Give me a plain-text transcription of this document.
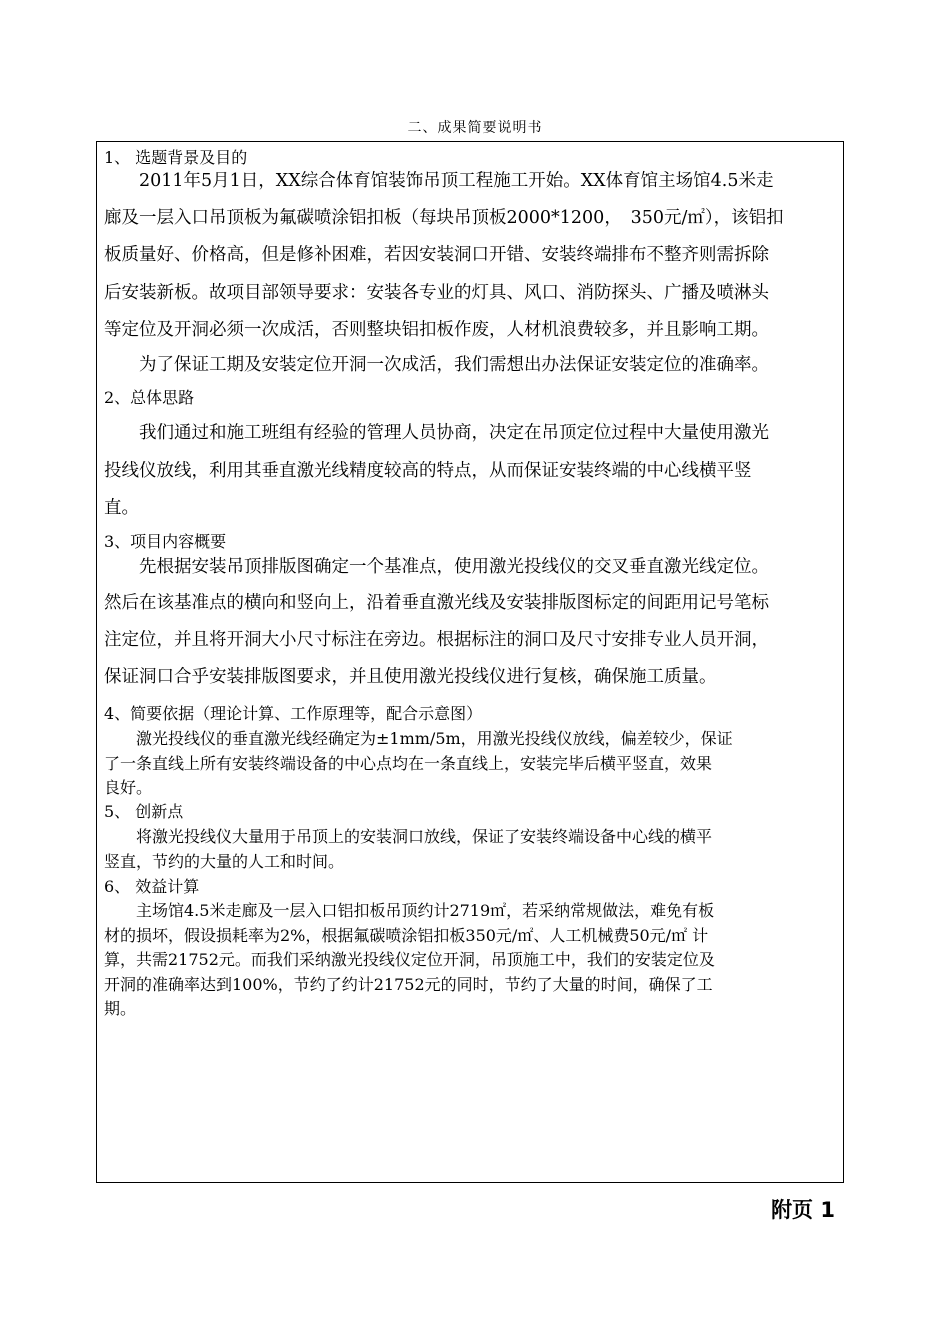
二、成果简要说明书
1、 选题背景及目的
　　2011年5月1日，XX综合体育馆装饰吊顶工程施工开始。XX体育馆主场馆4.5米走
廊及一层入口吊顶板为氟碳喷涂铝扣板（每块吊顶板2000*1200，　350元/㎡），该铝扣
板质量好、价格高，但是修补困难，若因安装洞口开错、安装终端排布不整齐则需拆除
后安装新板。故项目部领导要求：安装各专业的灯具、风口、消防探头、广播及喷淋头
等定位及开洞必须一次成活，否则整块铝扣板作废，人材机浪费较多，并且影响工期。
　　为了保证工期及安装定位开洞一次成活，我们需想出办法保证安装定位的准确率。
2、总体思路
　　我们通过和施工班组有经验的管理人员协商，决定在吊顶定位过程中大量使用激光
投线仪放线，利用其垂直激光线精度较高的特点，从而保证安装终端的中心线横平竖
直。
3、项目内容概要
　　先根据安装吊顶排版图确定一个基准点，使用激光投线仪的交叉垂直激光线定位。
然后在该基准点的横向和竖向上，沿着垂直激光线及安装排版图标定的间距用记号笔标
注定位，并且将开洞大小尺寸标注在旁边。根据标注的洞口及尺寸安排专业人员开洞，
保证洞口合乎安装排版图要求，并且使用激光投线仪进行复核，确保施工质量。
4、简要依据（理论计算、工作原理等，配合示意图）
　　激光投线仪的垂直激光线经确定为±1mm/5m，用激光投线仪放线，偏差较少，保证
了一条直线上所有安装终端设备的中心点均在一条直线上，安装完毕后横平竖直，效果
良好。
5、 创新点
　　将激光投线仪大量用于吊顶上的安装洞口放线，保证了安装终端设备中心线的横平
竖直，节约的大量的人工和时间。
6、 效益计算
　　主场馆4.5米走廊及一层入口铝扣板吊顶约计2719㎡，若采纳常规做法，难免有板
材的损坏，假设损耗率为2%，根据氟碳喷涂铝扣板350元/㎡、人工机械费50元/㎡ 计
算，共需21752元。而我们采纳激光投线仪定位开洞，吊顶施工中，我们的安装定位及
开洞的准确率达到100%，节约了约计21752元的同时，节约了大量的时间，确保了工
期。
附页 1
